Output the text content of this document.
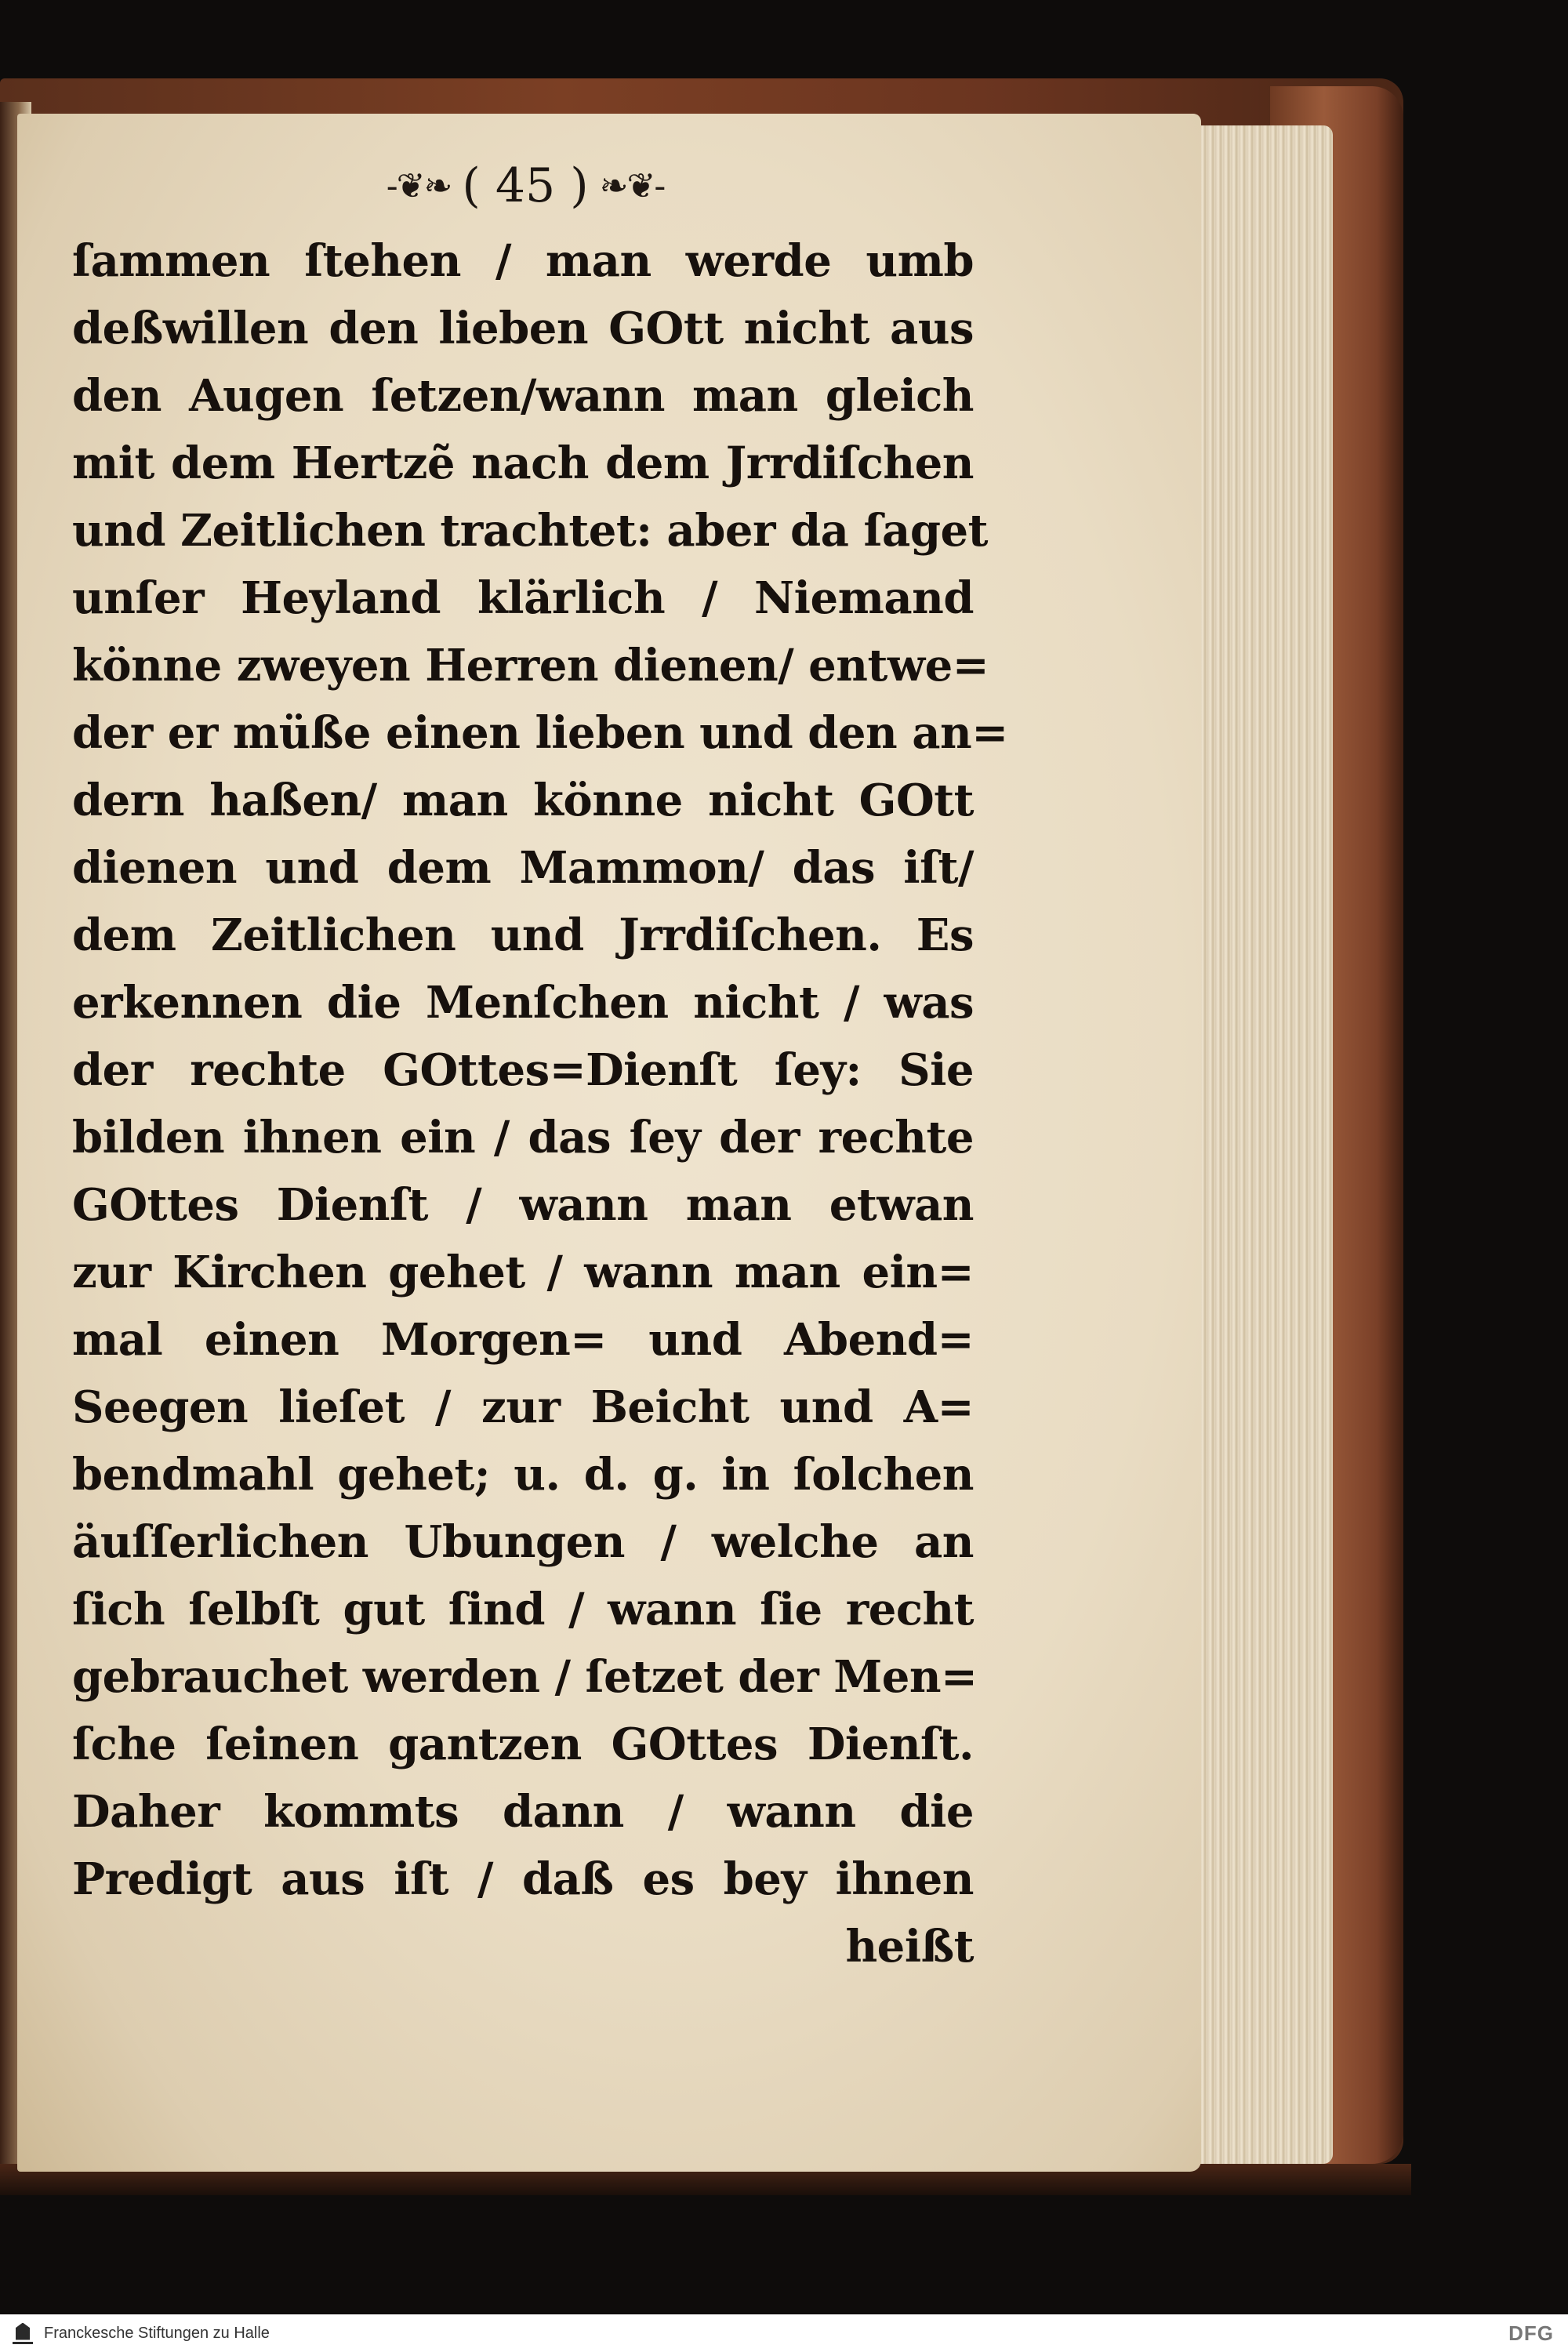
-❦❧ ( 45 ) ❧❦-
ſammen ſtehen / man werde umb
deßwillen den lieben GOtt nicht aus
den Augen ſetzen/wann man gleich
mit dem Hertzẽ nach dem Jrrdiſchen
und Zeitlichen trachtet: aber da ſaget
unſer Heyland klärlich / Niemand
könne zweyen Herren dienen/ entwe=
der er müße einen lieben und den an=
dern haßen/ man könne nicht GOtt
dienen und dem Mammon/ das iſt/
dem Zeitlichen und Jrrdiſchen. Es
erkennen die Menſchen nicht / was
der rechte GOttes=Dienſt ſey: Sie
bilden ihnen ein / das ſey der rechte
GOttes Dienſt / wann man etwan
zur Kirchen gehet / wann man ein=
mal einen Morgen= und Abend=
Seegen lieſet / zur Beicht und A=
bendmahl gehet; u. d. g. in ſolchen
äuſſerlichen Ubungen / welche an
ſich ſelbſt gut ſind / wann ſie recht
gebrauchet werden / ſetzet der Men=
ſche ſeinen gantzen GOttes Dienſt.
Daher kommts dann / wann die
Predigt aus iſt / daß es bey ihnen
heißt
Franckesche Stiftungen zu Halle	DFG
